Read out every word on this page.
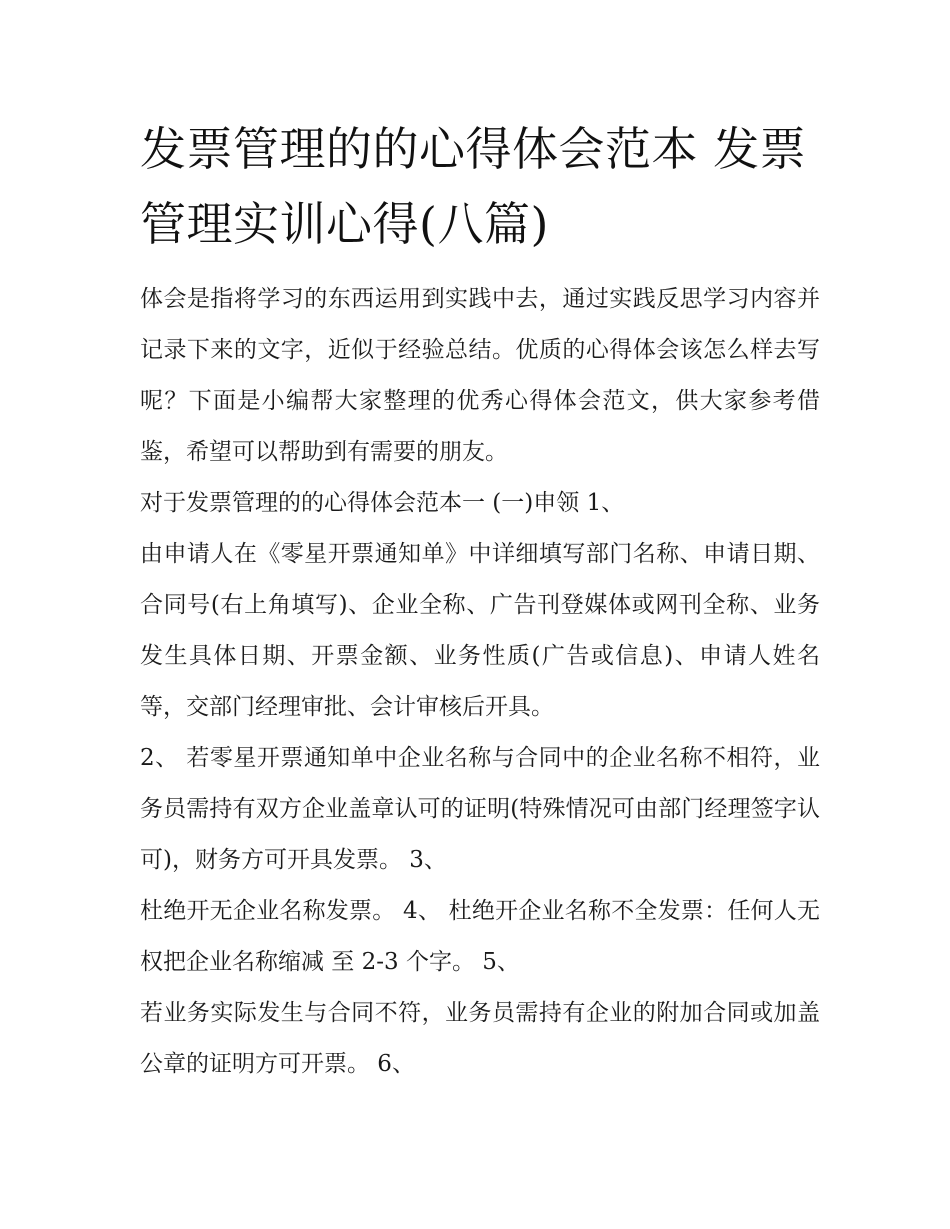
发票管理的的心得体会范本 发票管理实训心得(八篇)

体会是指将学习的东西运用到实践中去，通过实践反思学习内容并记录下来的文字，近似于经验总结。优质的心得体会该怎么样去写呢？下面是小编帮大家整理的优秀心得体会范文，供大家参考借鉴，希望可以帮助到有需要的朋友。

对于发票管理的的心得体会范本一 (一)申领 1、

由申请人在《零星开票通知单》中详细填写部门名称、申请日期、合同号(右上角填写)、企业全称、广告刊登媒体或网刊全称、业务发生具体日期、开票金额、业务性质(广告或信息)、申请人姓名等，交部门经理审批、会计审核后开具。

2、 若零星开票通知单中企业名称与合同中的企业名称不相符，业务员需持有双方企业盖章认可的证明(特殊情况可由部门经理签字认可)，财务方可开具发票。 3、

杜绝开无企业名称发票。 4、 杜绝开企业名称不全发票：任何人无权把企业名称缩减 至 2-3 个字。 5、

若业务实际发生与合同不符，业务员需持有企业的附加合同或加盖公章的证明方可开票。 6、
